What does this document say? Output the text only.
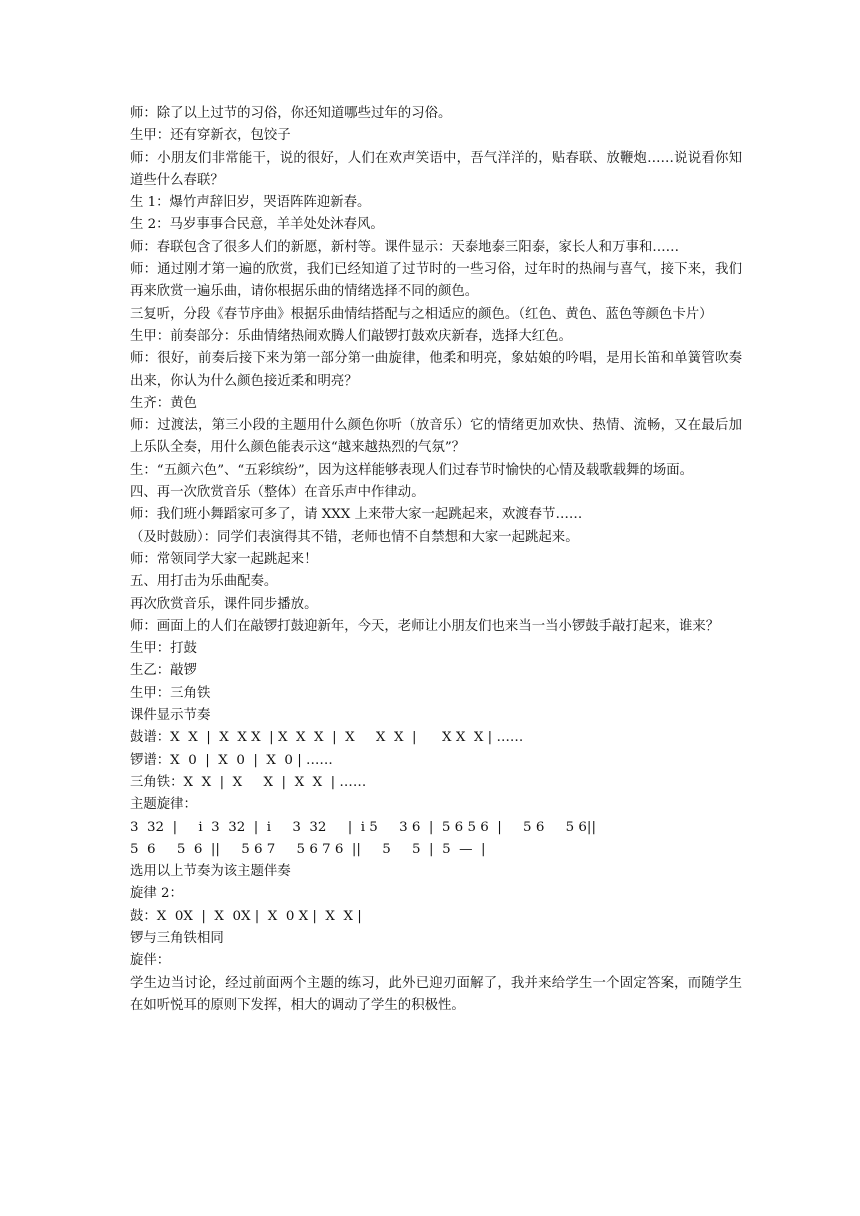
师：除了以上过节的习俗，你还知道哪些过年的习俗。

生甲：还有穿新衣，包饺子

师：小朋友们非常能干，说的很好，人们在欢声笑语中，吾气洋洋的，贴春联、放鞭炮……说说看你知道些什么春联？

生 1：爆竹声辞旧岁，哭语阵阵迎新春。

生 2：马岁事事合民意，羊羊处处沐春风。

师：春联包含了很多人们的新愿，新村等。课件显示：天泰地泰三阳泰，家长人和万事和……

师：通过刚才第一遍的欣赏，我们已经知道了过节时的一些习俗，过年时的热闹与喜气，接下来，我们再来欣赏一遍乐曲，请你根据乐曲的情绪选择不同的颜色。

三复听，分段《春节序曲》根据乐曲情结搭配与之相适应的颜色。（红色、黄色、蓝色等颜色卡片）

生甲：前奏部分：乐曲情绪热闹欢腾人们敲锣打鼓欢庆新春，选择大红色。

师：很好，前奏后接下来为第一部分第一曲旋律，他柔和明亮，象姑娘的吟唱，是用长笛和单簧管吹奏出来，你认为什么颜色接近柔和明亮？

生齐：黄色

师：过渡法，第三小段的主题用什么颜色你听（放音乐）它的情绪更加欢快、热情、流畅，又在最后加上乐队全奏，用什么颜色能表示这“越来越热烈的气氛”？

生：“五颜六色”、“五彩缤纷”，因为这样能够表现人们过春节时愉快的心情及载歌载舞的场面。

四、再一次欣赏音乐（整体）在音乐声中作律动。

师：我们班小舞蹈家可多了，请 XXX 上来带大家一起跳起来，欢渡春节……

（及时鼓励）：同学们表演得其不错，老师也情不自禁想和大家一起跳起来。

师：常领同学大家一起跳起来！

五、用打击为乐曲配奏。

再次欣赏音乐，课件同步播放。

师：画面上的人们在敲锣打鼓迎新年，今天，老师让小朋友们也来当一当小锣鼓手敲打起来，谁来？

生甲：打鼓

生乙：敲锣

生甲：三角铁

课件显示节奏

鼓谱：X  X  |  X  X X  | X  X  X  |  X     X  X  |      X X  X | ……

锣谱：X  0  |  X  0  |  X  0 | ……

三角铁：X  X  |  X     X  |  X  X  | ……

主题旋律：

3  32  |     i  3  32  |  i     3  32     |  i 5     3 6  |  5 6 5 6  |     5 6     5 6||

5  6     5  6  ||     5 6 7     5 6 7 6  ||     5     5  |  5  —  |

选用以上节奏为该主题伴奏

旋律 2：

鼓：X  0X  |  X  0X |  X  0 X |  X  X |

锣与三角铁相同

旋伴：

学生边当讨论，经过前面两个主题的练习，此外已迎刃面解了，我并来给学生一个固定答案，而随学生在如听悦耳的原则下发挥，相大的调动了学生的积极性。
